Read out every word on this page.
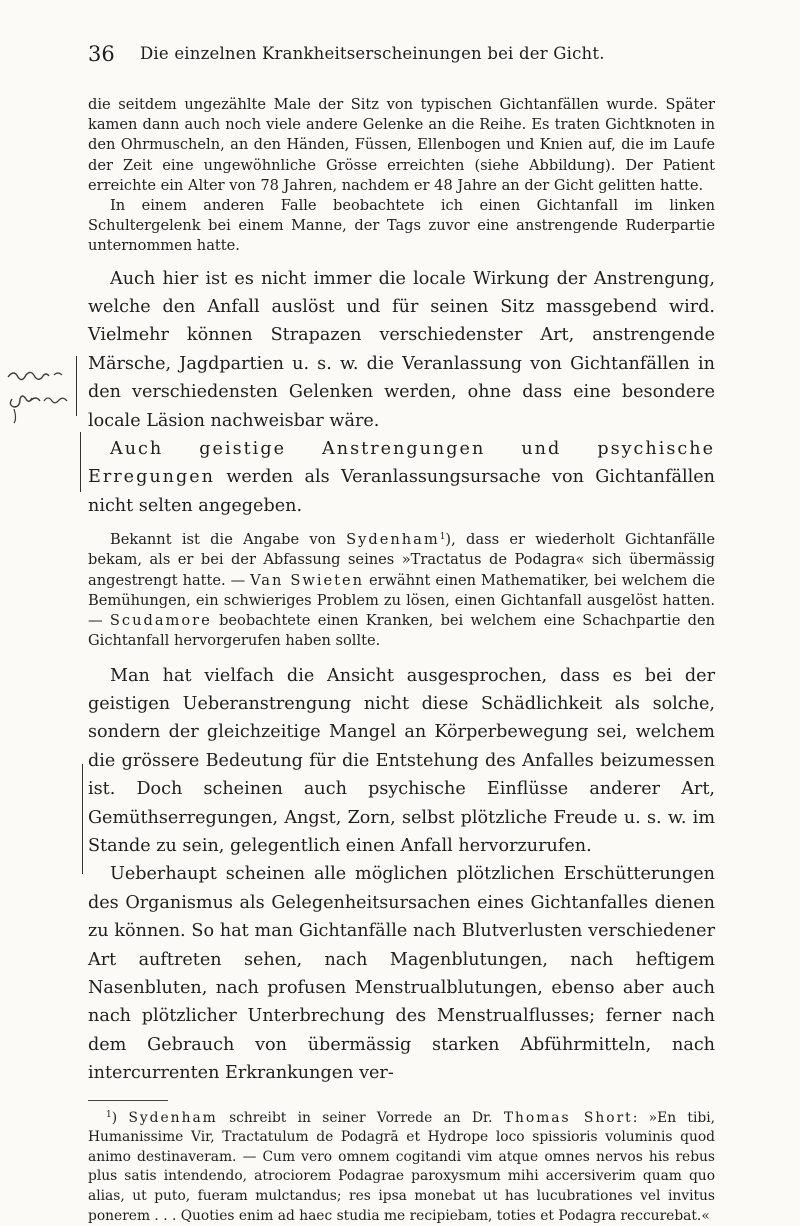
36 Die einzelnen Krankheitserscheinungen bei der Gicht.

die seitdem ungezählte Male der Sitz von typischen Gichtanfällen wurde. Später kamen dann auch noch viele andere Gelenke an die Reihe. Es traten Gichtknoten in den Ohrmuscheln, an den Händen, Füssen, Ellenbogen und Knien auf, die im Laufe der Zeit eine ungewöhnliche Grösse erreichten (siehe Abbildung). Der Patient erreichte ein Alter von 78 Jahren, nachdem er 48 Jahre an der Gicht gelitten hatte.

In einem anderen Falle beobachtete ich einen Gichtanfall im linken Schultergelenk bei einem Manne, der Tags zuvor eine anstrengende Ruderpartie unternommen hatte.

Auch hier ist es nicht immer die locale Wirkung der Anstrengung, welche den Anfall auslöst und für seinen Sitz massgebend wird. Vielmehr können Strapazen verschiedenster Art, anstrengende Märsche, Jagdpartien u. s. w. die Veranlassung von Gichtanfällen in den verschiedensten Gelenken werden, ohne dass eine besondere locale Läsion nachweisbar wäre.

Auch geistige Anstrengungen und psychische Erregungen werden als Veranlassungsursache von Gichtanfällen nicht selten angegeben.

Bekannt ist die Angabe von Sydenham$^1$), dass er wiederholt Gichtanfälle bekam, als er bei der Abfassung seines »Tractatus de Podagra« sich übermässig angestrengt hatte. — Van Swieten erwähnt einen Mathematiker, bei welchem die Bemühungen, ein schwieriges Problem zu lösen, einen Gichtanfall ausgelöst hatten. — Scudamore beobachtete einen Kranken, bei welchem eine Schachpartie den Gichtanfall hervorgerufen haben sollte.

Man hat vielfach die Ansicht ausgesprochen, dass es bei der geistigen Ueberanstrengung nicht diese Schädlichkeit als solche, sondern der gleichzeitige Mangel an Körperbewegung sei, welchem die grössere Bedeutung für die Entstehung des Anfalles beizumessen ist. Doch scheinen auch psychische Einflüsse anderer Art, Gemüthserregungen, Angst, Zorn, selbst plötzliche Freude u. s. w. im Stande zu sein, gelegentlich einen Anfall hervorzurufen.

Ueberhaupt scheinen alle möglichen plötzlichen Erschütterungen des Organismus als Gelegenheitsursachen eines Gichtanfalles dienen zu können. So hat man Gichtanfälle nach Blutverlusten verschiedener Art auftreten sehen, nach Magenblutungen, nach heftigem Nasenbluten, nach profusen Menstrualblutungen, ebenso aber auch nach plötzlicher Unterbrechung des Menstrualflusses; ferner nach dem Gebrauch von übermässig starken Abführmitteln, nach intercurrenten Erkrankungen ver-

$^1$) Sydenham schreibt in seiner Vorrede an Dr. Thomas Short: »En tibi, Humanissime Vir, Tractatulum de Podagrā et Hydrope loco spissioris voluminis quod animo destinaveram. — Cum vero omnem cogitandi vim atque omnes nervos his rebus plus satis intendendo, atrociorem Podagrae paroxysmum mihi accersiverim quam quo alias, ut puto, fueram mulctandus; res ipsa monebat ut has lucubrationes vel invitus ponerem . . . Quoties enim ad haec studia me recipiebam, toties et Podagra reccurebat.«
